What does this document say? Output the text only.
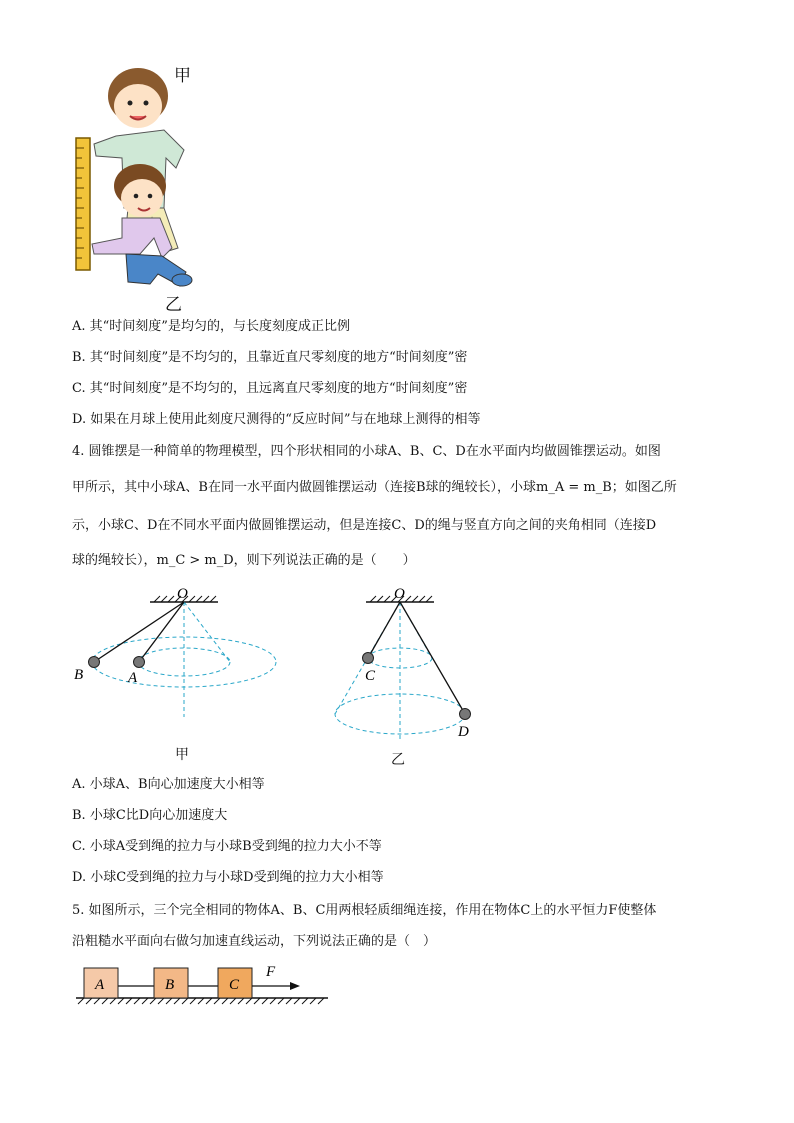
甲
乙
A. 其“时间刻度”是均匀的，与长度刻度成正比例
B. 其“时间刻度”是不均匀的，且靠近直尺零刻度的地方“时间刻度”密
C. 其“时间刻度”是不均匀的，且远离直尺零刻度的地方“时间刻度”密
D. 如果在月球上使用此刻度尺测得的“反应时间”与在地球上测得的相等
4. 圆锥摆是一种简单的物理模型，四个形状相同的小球A、B、C、D在水平面内均做圆锥摆运动。如图
甲所示，其中小球A、B在同一水平面内做圆锥摆运动（连接B球的绳较长），小球m_A = m_B；如图乙所
示，小球C、D在不同水平面内做圆锥摆运动，但是连接C、D的绳与竖直方向之间的夹角相同（连接D
球的绳较长），m_C > m_D，则下列说法正确的是（　　）
O
B	A
甲
O
C
D
乙
A. 小球A、B向心加速度大小相等
B. 小球C比D向心加速度大
C. 小球A受到绳的拉力与小球B受到绳的拉力大小不等
D. 小球C受到绳的拉力与小球D受到绳的拉力大小相等
5. 如图所示，三个完全相同的物体A、B、C用两根轻质细绳连接，作用在物体C上的水平恒力F使整体
沿粗糙水平面向右做匀加速直线运动，下列说法正确的是（　）
A	B	C
F
